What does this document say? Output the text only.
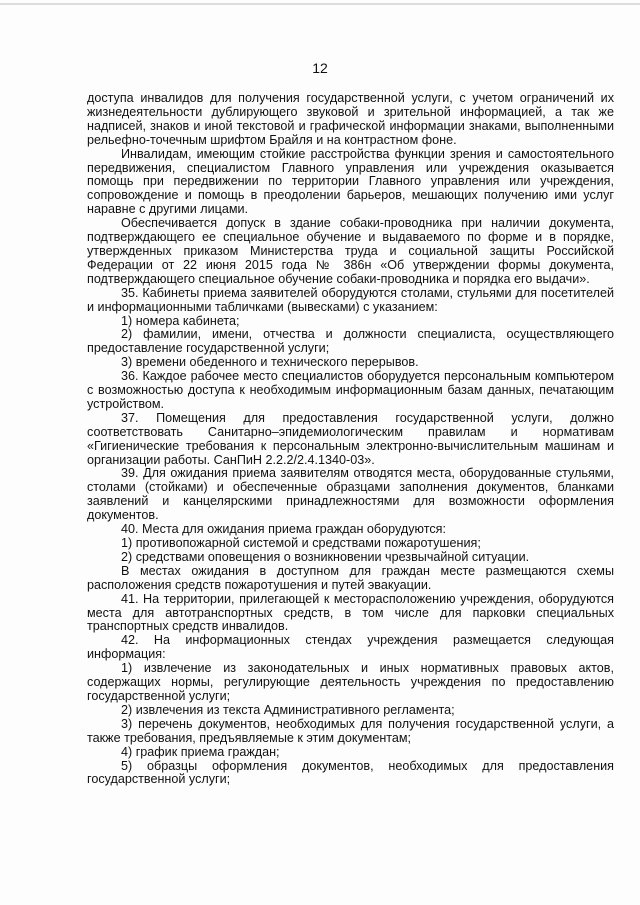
12

доступа инвалидов для получения государственной услуги, с учетом ограничений их жизнедеятельности дублирующего звуковой и зрительной информацией, а так же надписей, знаков и иной текстовой и графической информации знаками, выполненными рельефно-точечным шрифтом Брайля и на контрастном фоне.

Инвалидам, имеющим стойкие расстройства функции зрения и самостоятельного передвижения, специалистом Главного управления или учреждения оказывается помощь при передвижении по территории Главного управления или учреждения, сопровождение и помощь в преодолении барьеров, мешающих получению ими услуг наравне с другими лицами.

Обеспечивается допуск в здание собаки-проводника при наличии документа, подтверждающего ее специальное обучение и выдаваемого по форме и в порядке, утвержденных приказом Министерства труда и социальной защиты Российской Федерации от 22 июня 2015 года № 386н «Об утверждении формы документа, подтверждающего специальное обучение собаки-проводника и порядка его выдачи».

35. Кабинеты приема заявителей оборудуются столами, стульями для посетителей и информационными табличками (вывесками) с указанием:

1) номера кабинета;

2) фамилии, имени, отчества и должности специалиста, осуществляющего предоставление государственной услуги;

3) времени обеденного и технического перерывов.

36. Каждое рабочее место специалистов оборудуется персональным компьютером с возможностью доступа к необходимым информационным базам данных, печатающим устройством.

37. Помещения для предоставления государственной услуги, должно соответствовать Санитарно–эпидемиологическим правилам и нормативам «Гигиенические требования к персональным электронно-вычислительным машинам и организации работы. СанПиН 2.2.2/2.4.1340-03».

39. Для ожидания приема заявителям отводятся места, оборудованные стульями, столами (стойками) и обеспеченные образцами заполнения документов, бланками заявлений и канцелярскими принадлежностями для возможности оформления документов.

40. Места для ожидания приема граждан оборудуются:

1) противопожарной системой и средствами пожаротушения;

2) средствами оповещения о возникновении чрезвычайной ситуации.

В местах ожидания в доступном для граждан месте размещаются схемы расположения средств пожаротушения и путей эвакуации.

41. На территории, прилегающей к месторасположению учреждения, оборудуются места для автотранспортных средств, в том числе для парковки специальных транспортных средств инвалидов.

42. На информационных стендах учреждения размещается следующая информация:

1) извлечение из законодательных и иных нормативных правовых актов, содержащих нормы, регулирующие деятельность учреждения по предоставлению государственной услуги;

2) извлечения из текста Административного регламента;

3) перечень документов, необходимых для получения государственной услуги, а также требования, предъявляемые к этим документам;

4) график приема граждан;

5) образцы оформления документов, необходимых для предоставления государственной услуги;
